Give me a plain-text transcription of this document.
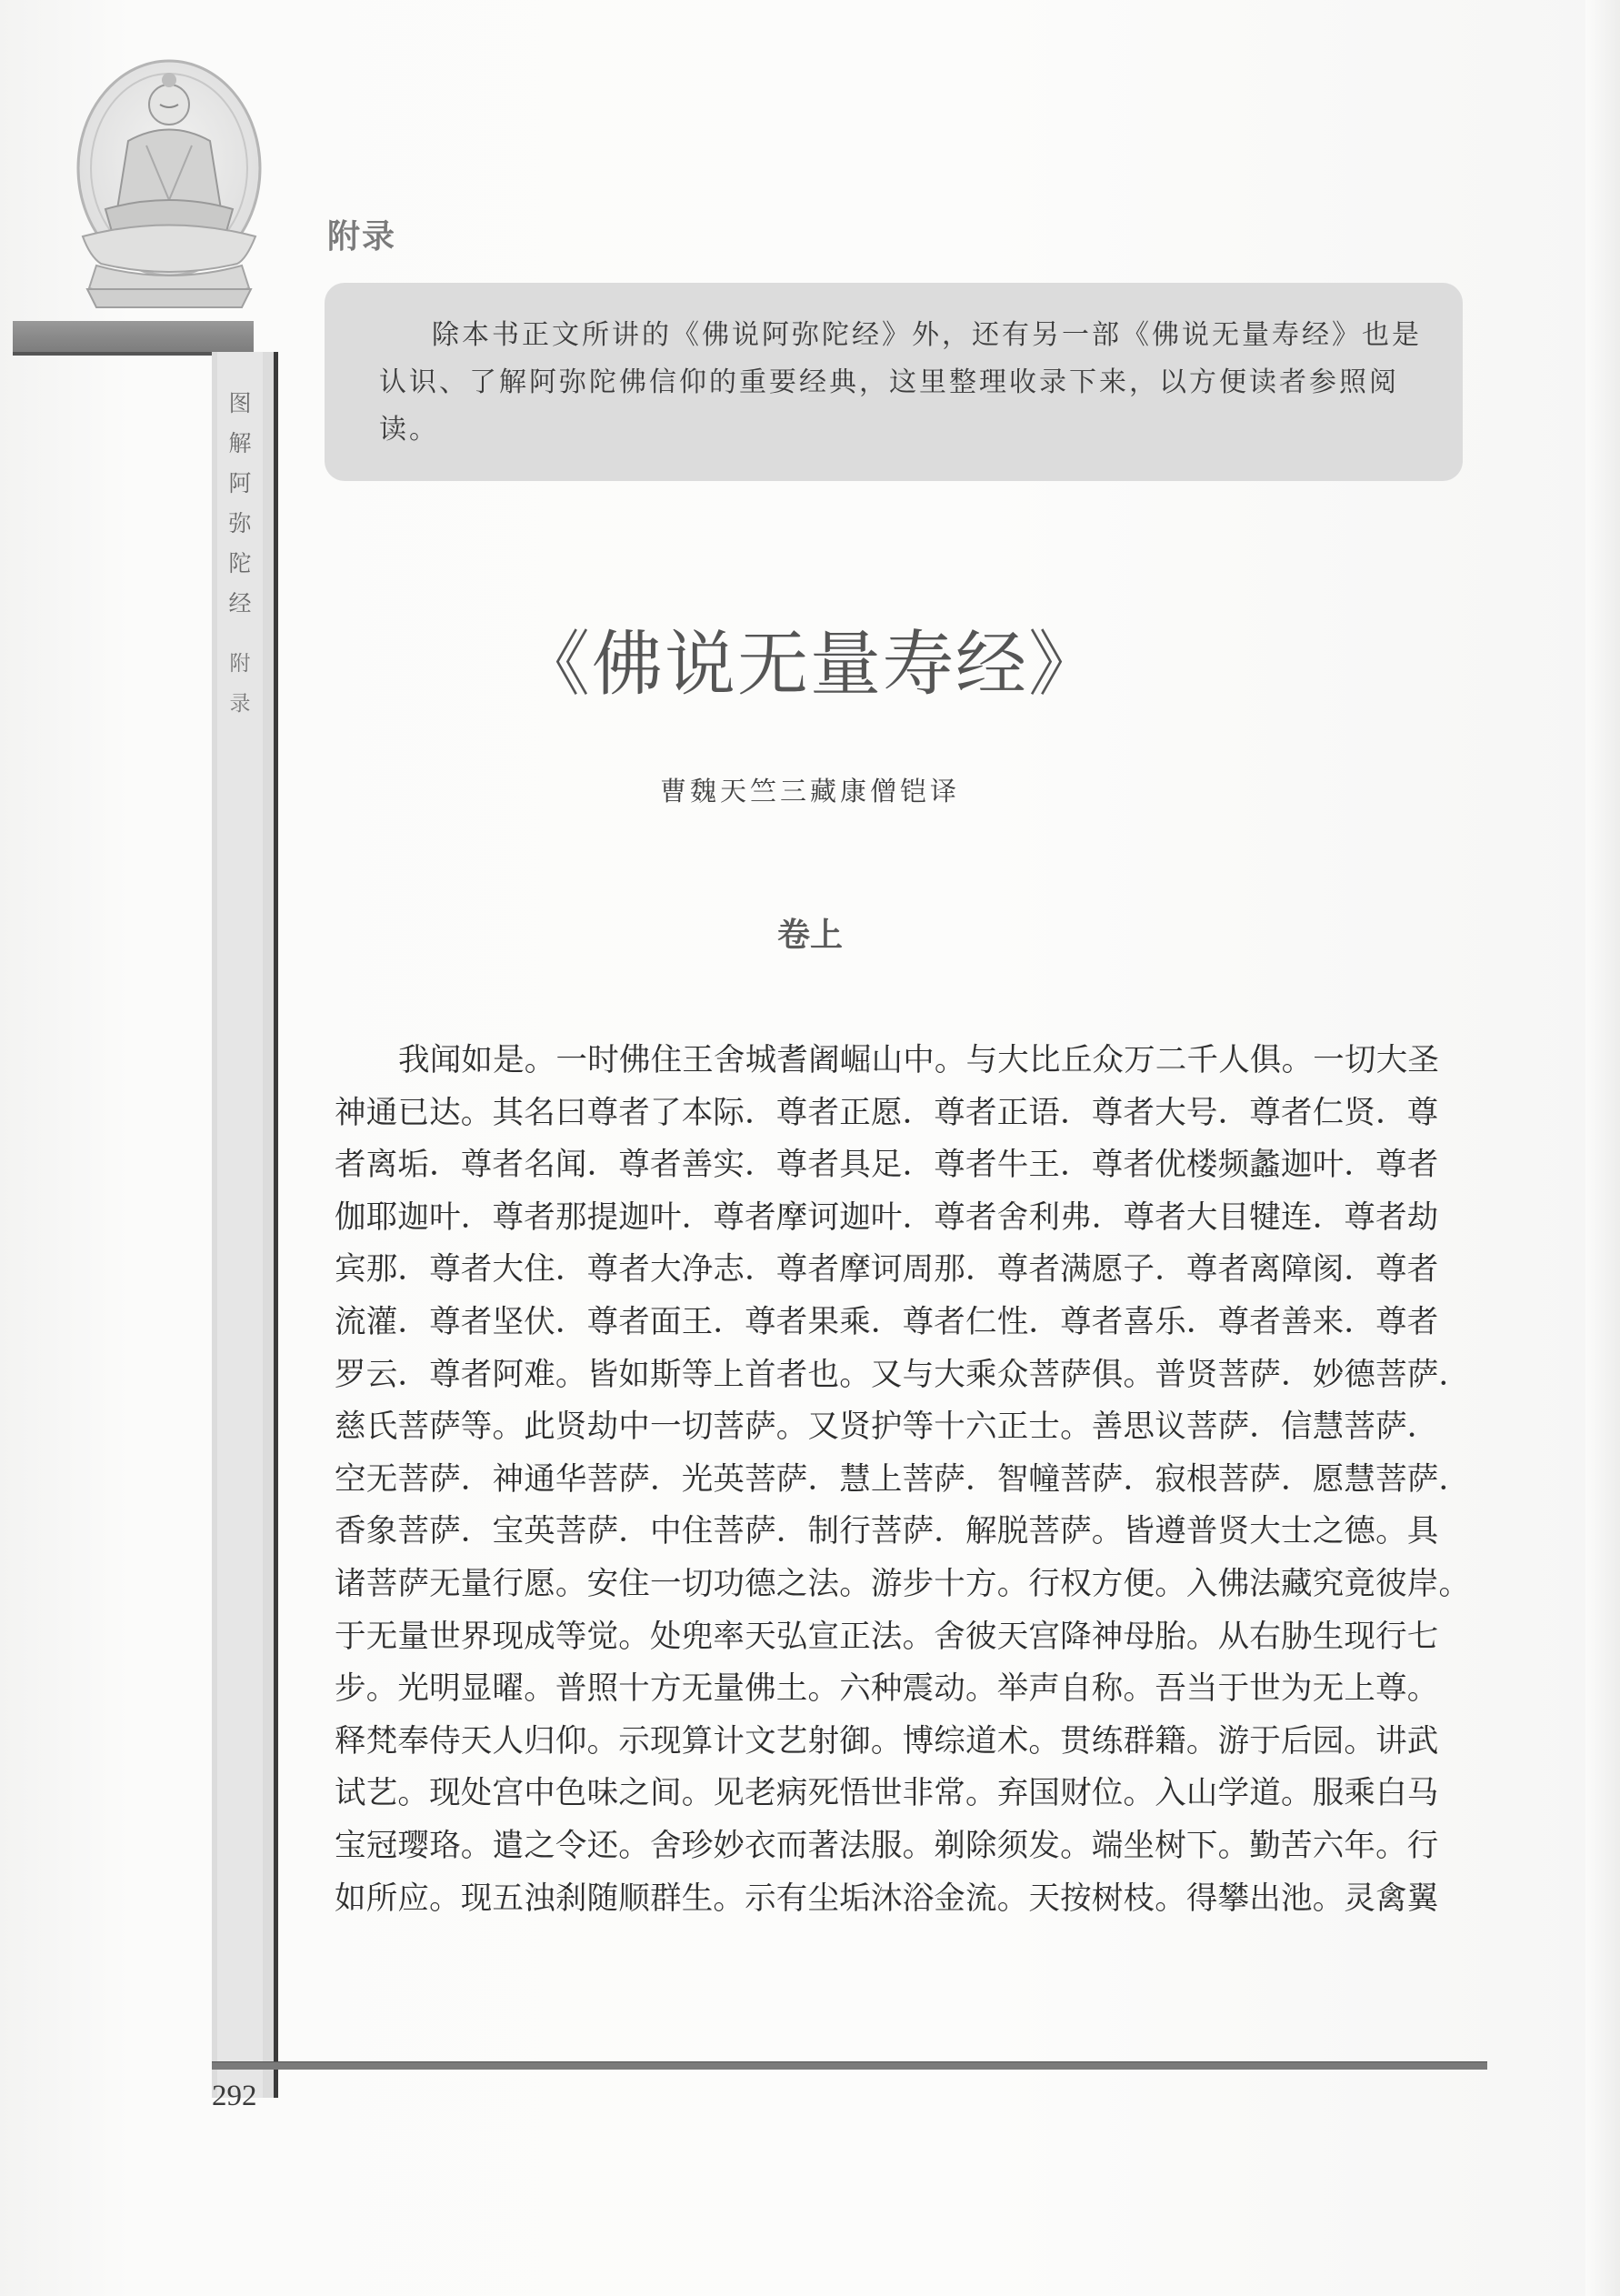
图
解
阿
弥
陀
经
附
录
附录
除本书正文所讲的《佛说阿弥陀经》外，还有另一部《佛说无量寿经》也是认识、了解阿弥陀佛信仰的重要经典，这里整理收录下来，以方便读者参照阅读。
《佛说无量寿经》
曹魏天竺三藏康僧铠译
卷上

我闻如是。一时佛住王舍城耆阇崛山中。与大比丘众万二千人俱。一切大圣

神通已达。其名曰尊者了本际．尊者正愿．尊者正语．尊者大号．尊者仁贤．尊

者离垢．尊者名闻．尊者善实．尊者具足．尊者牛王．尊者优楼频蠡迦叶．尊者

伽耶迦叶．尊者那提迦叶．尊者摩诃迦叶．尊者舍利弗．尊者大目犍连．尊者劫

宾那．尊者大住．尊者大净志．尊者摩诃周那．尊者满愿子．尊者离障阂．尊者

流灌．尊者坚伏．尊者面王．尊者果乘．尊者仁性．尊者喜乐．尊者善来．尊者

罗云．尊者阿难。皆如斯等上首者也。又与大乘众菩萨俱。普贤菩萨．妙德菩萨．

慈氏菩萨等。此贤劫中一切菩萨。又贤护等十六正士。善思议菩萨．信慧菩萨．

空无菩萨．神通华菩萨．光英菩萨．慧上菩萨．智幢菩萨．寂根菩萨．愿慧菩萨．

香象菩萨．宝英菩萨．中住菩萨．制行菩萨．解脱菩萨。皆遵普贤大士之德。具

诸菩萨无量行愿。安住一切功德之法。游步十方。行权方便。入佛法藏究竟彼岸。

于无量世界现成等觉。处兜率天弘宣正法。舍彼天宫降神母胎。从右胁生现行七

步。光明显曜。普照十方无量佛土。六种震动。举声自称。吾当于世为无上尊。

释梵奉侍天人归仰。示现算计文艺射御。博综道术。贯练群籍。游于后园。讲武

试艺。现处宫中色味之间。见老病死悟世非常。弃国财位。入山学道。服乘白马

宝冠璎珞。遣之令还。舍珍妙衣而著法服。剃除须发。端坐树下。勤苦六年。行

如所应。现五浊刹随顺群生。示有尘垢沐浴金流。天按树枝。得攀出池。灵禽翼

292
